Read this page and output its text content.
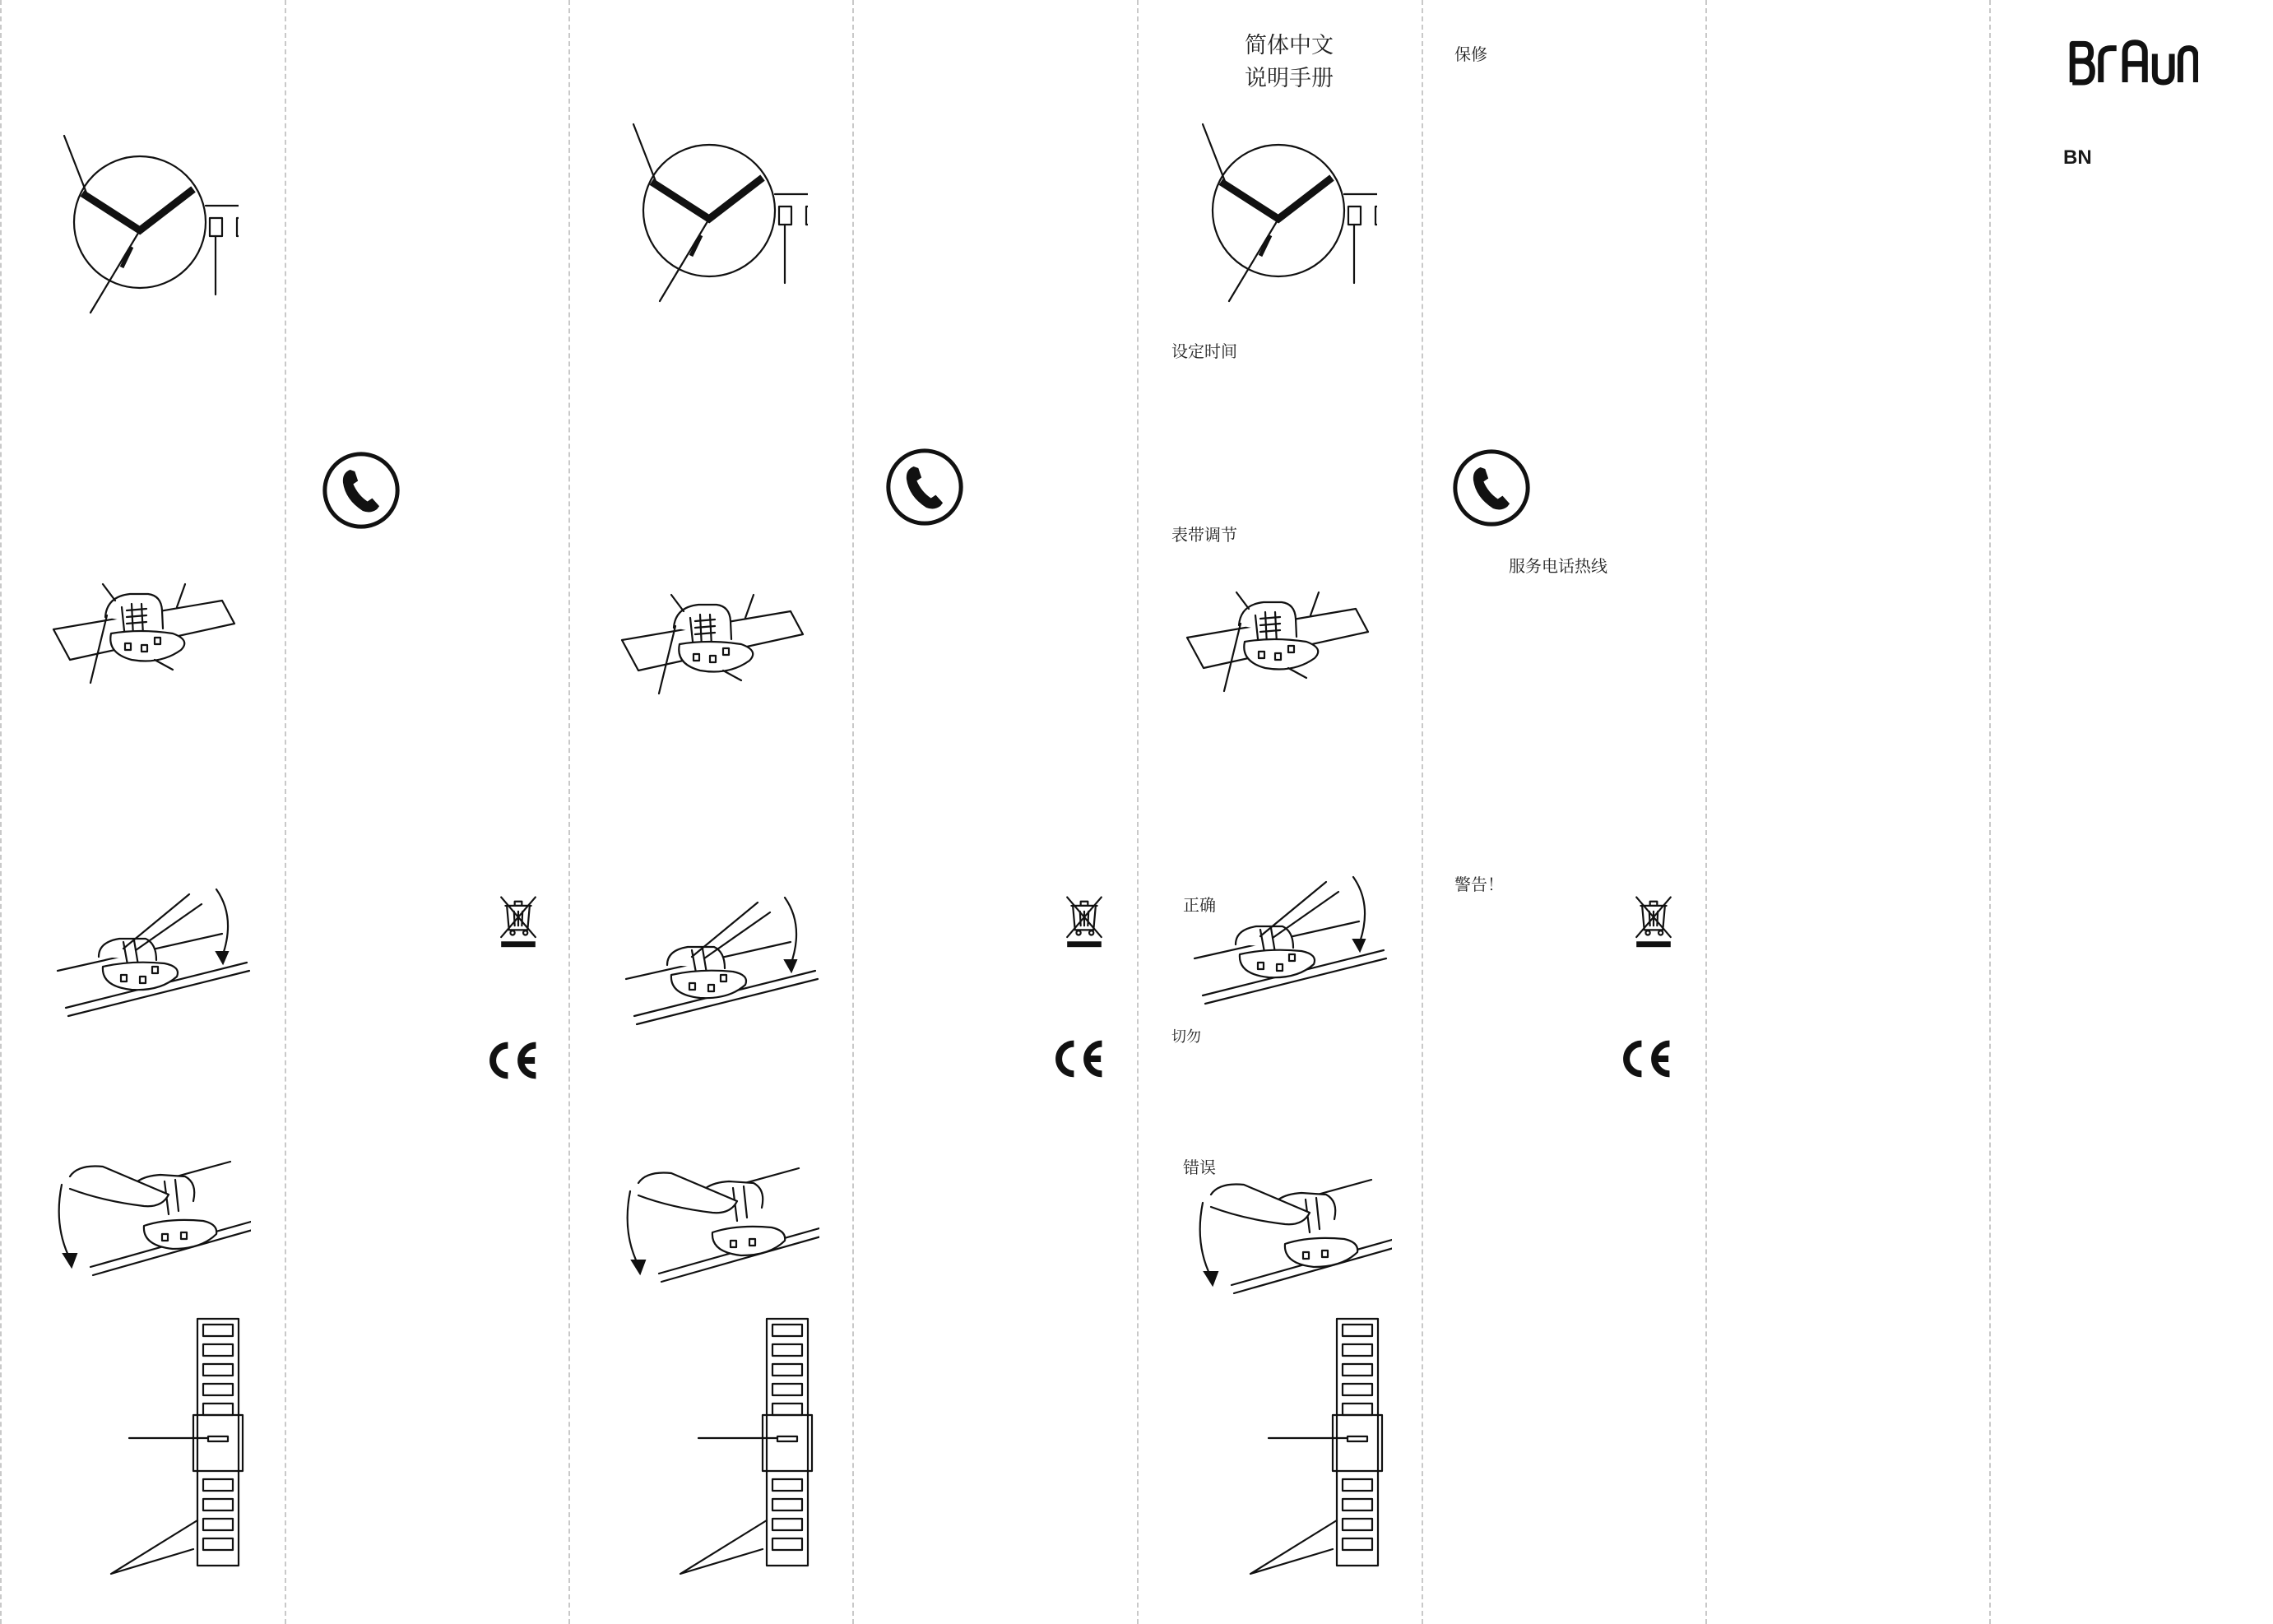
简体中文
说明手册
设定时间
表带调节
正确
切勿
错误
保修
服务电话热线
警告！
BN
